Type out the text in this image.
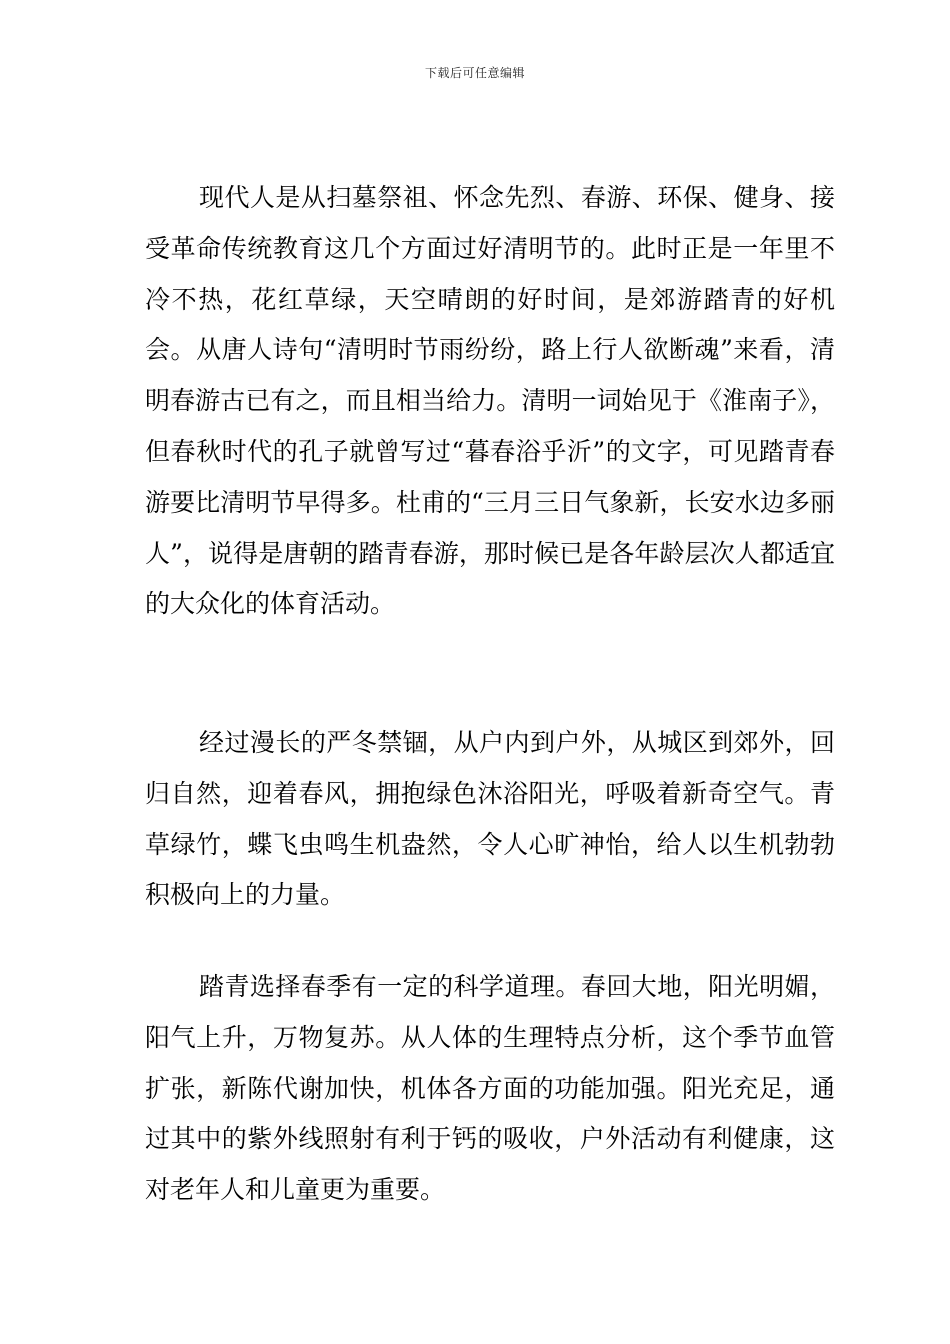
下载后可任意编辑
现代人是从扫墓祭祖、怀念先烈、春游、环保、健身、接受革命传统教育这几个方面过好清明节的。此时正是一年里不冷不热，花红草绿，天空晴朗的好时间，是郊游踏青的好机会。从唐人诗句“清明时节雨纷纷，路上行人欲断魂”来看，清明春游古已有之，而且相当给力。清明一词始见于《淮南子》，但春秋时代的孔子就曾写过“暮春浴乎沂”的文字，可见踏青春游要比清明节早得多。杜甫的“三月三日气象新，长安水边多丽人”，说得是唐朝的踏青春游，那时候已是各年龄层次人都适宜的大众化的体育活动。
经过漫长的严冬禁锢，从户内到户外，从城区到郊外，回归自然，迎着春风，拥抱绿色沐浴阳光，呼吸着新奇空气。青草绿竹，蝶飞虫鸣生机盎然，令人心旷神怡，给人以生机勃勃积极向上的力量。
踏青选择春季有一定的科学道理。春回大地，阳光明媚，阳气上升，万物复苏。从人体的生理特点分析，这个季节血管扩张，新陈代谢加快，机体各方面的功能加强。阳光充足，通过其中的紫外线照射有利于钙的吸收，户外活动有利健康，这对老年人和儿童更为重要。
